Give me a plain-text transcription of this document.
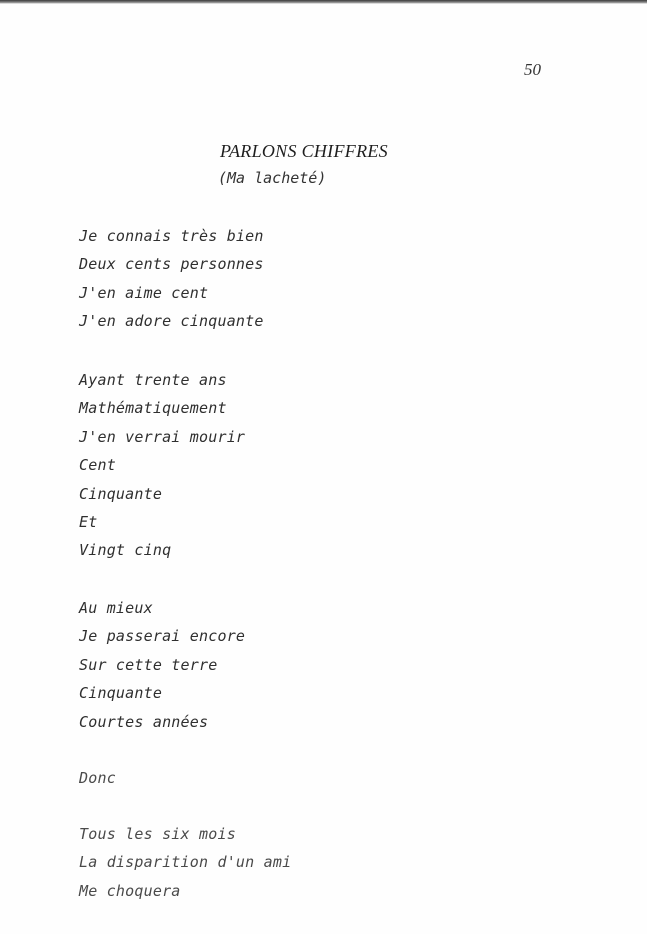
50
PARLONS CHIFFRES
(Ma lacheté)
Je connais très bien
Deux cents personnes
J'en aime cent
J'en adore cinquante
Ayant trente ans
Mathématiquement
J'en verrai mourir
Cent
Cinquante
Et
Vingt cinq
Au mieux
Je passerai encore
Sur cette terre
Cinquante
Courtes années
Donc
Tous les six mois
La disparition d'un ami
Me choquera
